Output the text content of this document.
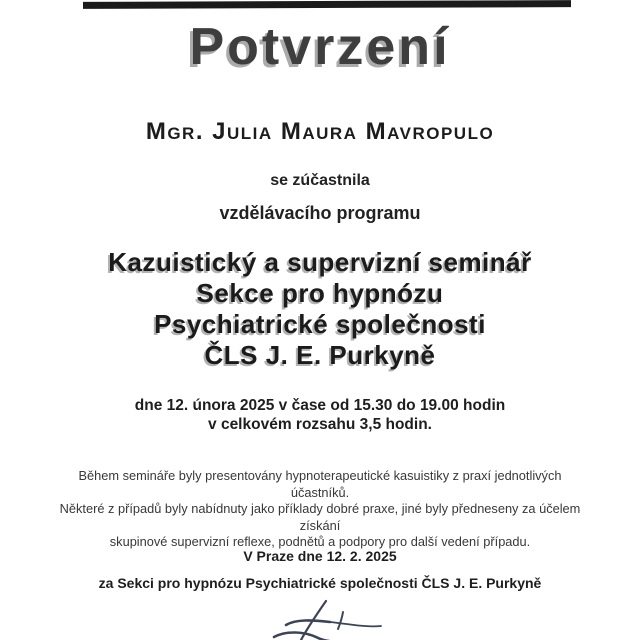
Potvrzení
Mgr. Julia Maura Mavropulo
se zúčastnila
vzdělávacího programu
Kazuistický a supervizní seminář
Sekce pro hypnózu
Psychiatrické společnosti
ČLS J. E. Purkyně
dne 12. února 2025 v čase od 15.30 do 19.00 hodin
v celkovém rozsahu 3,5 hodin.
Během semináře byly presentovány hypnoterapeutické kasuistiky z praxí jednotlivých účastníků.
Některé z případů byly nabídnuty jako příklady dobré praxe, jiné byly předneseny za účelem získání
skupinové supervizní reflexe, podnětů a podpory pro další vedení případu.
V Praze dne 12. 2. 2025
za Sekci pro hypnózu Psychiatrické společnosti ČLS J. E. Purkyně
